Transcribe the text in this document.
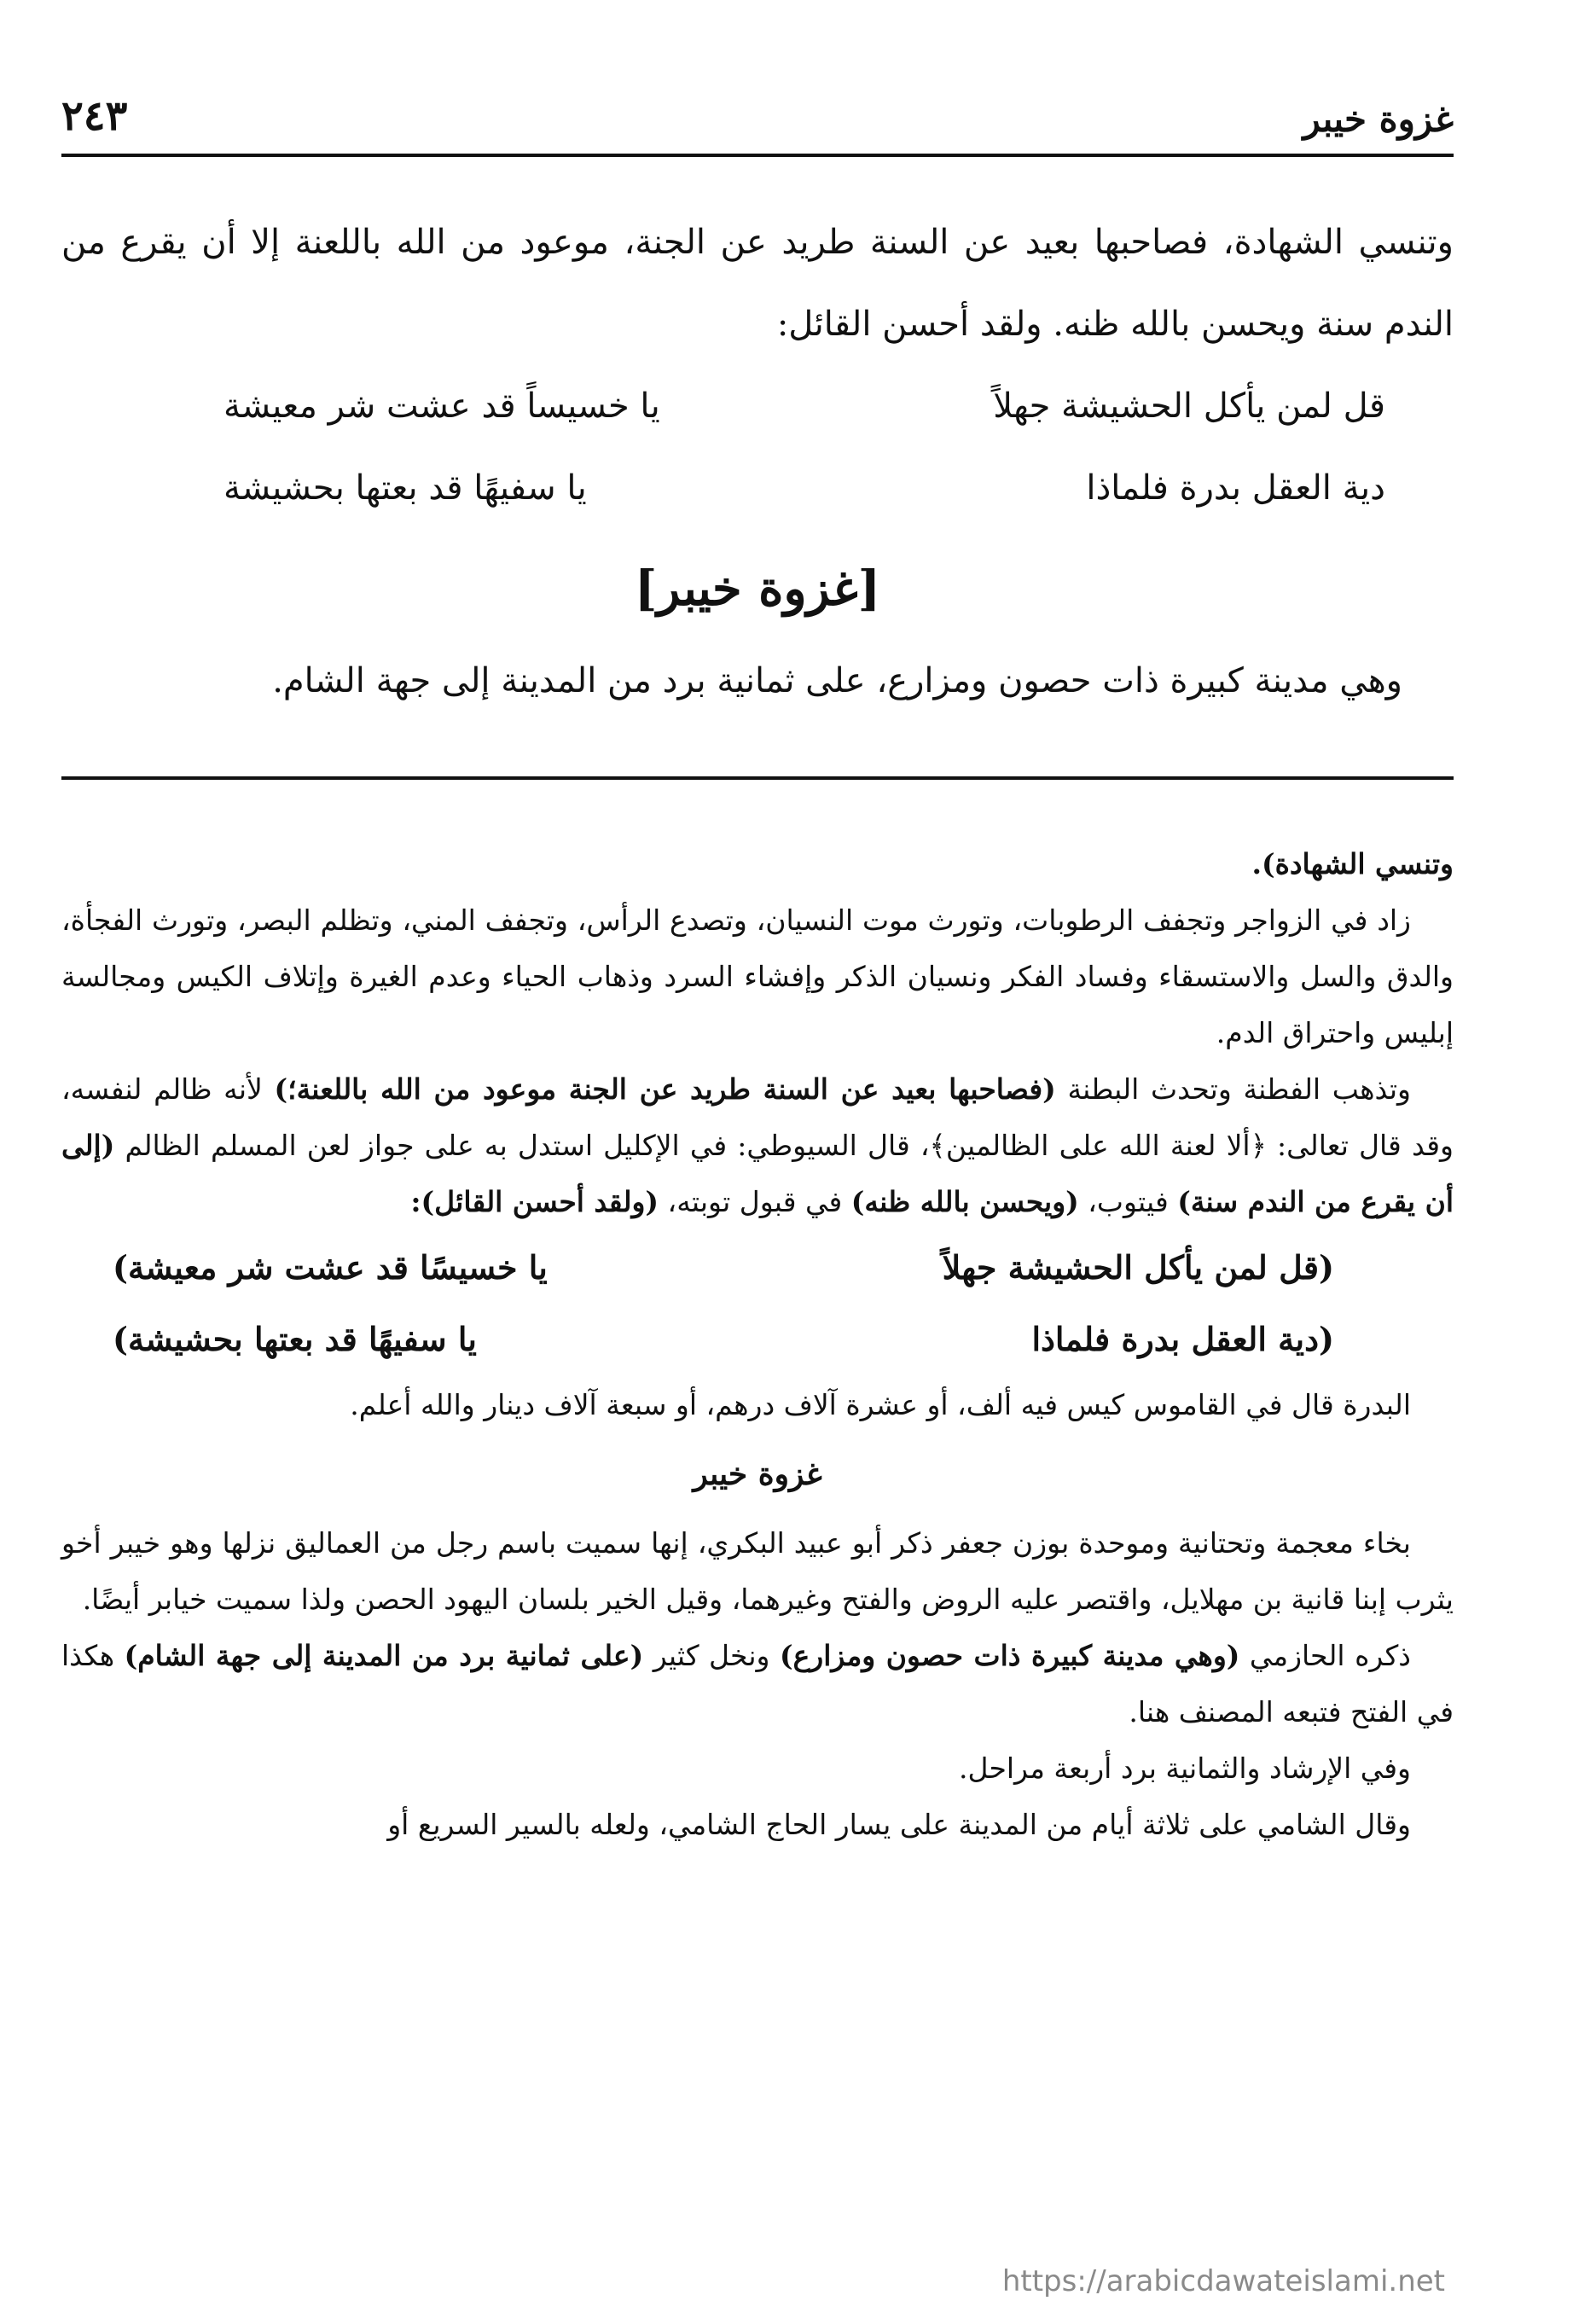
غزوة خيبر
٢٤٣

وتنسي الشهادة، فصاحبها بعيد عن السنة طريد عن الجنة، موعود من الله باللعنة إلا أن يقرع من الندم سنة ويحسن بالله ظنه. ولقد أحسن القائل:

قل لمن يأكل الحشيشة جهلاً
يا خسيساً قد عشت شر معيشة
دية العقل بدرة فلماذا
يا سفيهًا قد بعتها بحشيشة
[غزوة خيبر]

وهي مدينة كبيرة ذات حصون ومزارع، على ثمانية برد من المدينة إلى جهة الشام.

وتنسي الشهادة).

زاد في الزواجر وتجفف الرطوبات، وتورث موت النسيان، وتصدع الرأس، وتجفف المني، وتظلم البصر، وتورث الفجأة، والدق والسل والاستسقاء وفساد الفكر ونسيان الذكر وإفشاء السرد وذهاب الحياء وعدم الغيرة وإتلاف الكيس ومجالسة إبليس واحتراق الدم.

وتذهب الفطنة وتحدث البطنة (فصاحبها بعيد عن السنة طريد عن الجنة موعود من الله باللعنة؛) لأنه ظالم لنفسه، وقد قال تعالى: ﴿ألا لعنة الله على الظالمين﴾، قال السيوطي: في الإكليل استدل به على جواز لعن المسلم الظالم (إلى أن يقرع من الندم سنة) فيتوب، (ويحسن بالله ظنه) في قبول توبته، (ولقد أحسن القائل):

(قل لمن يأكل الحشيشة جهلاً
يا خسيسًا قد عشت شر معيشة)
(دية العقل بدرة فلماذا
يا سفيهًا قد بعتها بحشيشة)

البدرة قال في القاموس كيس فيه ألف، أو عشرة آلاف درهم، أو سبعة آلاف دينار والله أعلم.

غزوة خيبر

بخاء معجمة وتحتانية وموحدة بوزن جعفر ذكر أبو عبيد البكري، إنها سميت باسم رجل من العماليق نزلها وهو خيبر أخو يثرب إبنا قانية بن مهلايل، واقتصر عليه الروض والفتح وغيرهما، وقيل الخير بلسان اليهود الحصن ولذا سميت خيابر أيضًا.

ذكره الحازمي (وهي مدينة كبيرة ذات حصون ومزارع) ونخل كثير (على ثمانية برد من المدينة إلى جهة الشام) هكذا في الفتح فتبعه المصنف هنا.

وفي الإرشاد والثمانية برد أربعة مراحل.

وقال الشامي على ثلاثة أيام من المدينة على يسار الحاج الشامي، ولعله بالسير السريع أو

https://arabicdawateislami.net
